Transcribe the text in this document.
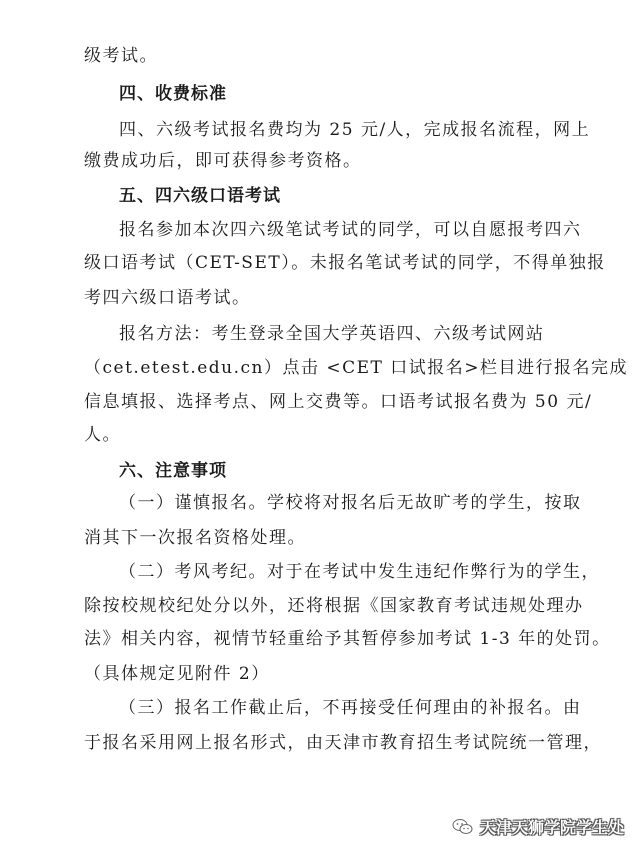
级考试。
四、收费标准
四、六级考试报名费均为 25 元/人，完成报名流程，网上
缴费成功后，即可获得参考资格。
五、四六级口语考试
报名参加本次四六级笔试考试的同学，可以自愿报考四六
级口语考试（CET-SET）。未报名笔试考试的同学，不得单独报
考四六级口语考试。
报名方法：考生登录全国大学英语四、六级考试网站
（cet.etest.edu.cn）点击 <CET 口试报名>栏目进行报名完成
信息填报、选择考点、网上交费等。口语考试报名费为 50 元/
人。
六、注意事项
（一）谨慎报名。学校将对报名后无故旷考的学生，按取
消其下一次报名资格处理。
（二）考风考纪。对于在考试中发生违纪作弊行为的学生，
除按校规校纪处分以外，还将根据《国家教育考试违规处理办
法》相关内容，视情节轻重给予其暂停参加考试 1-3 年的处罚。
（具体规定见附件 2）
（三）报名工作截止后，不再接受任何理由的补报名。由
于报名采用网上报名形式，由天津市教育招生考试院统一管理，
天津天狮学院学生处
